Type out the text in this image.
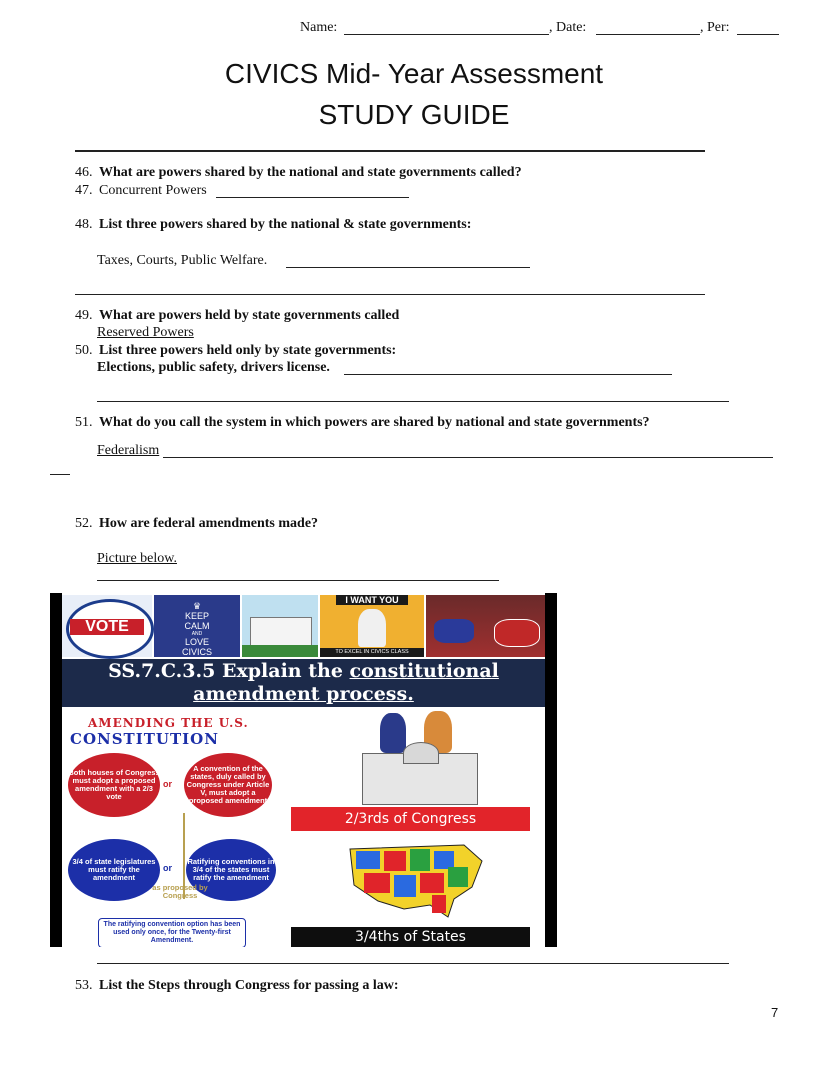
Name:	, Date:	, Per:
CIVICS Mid- Year Assessment
STUDY GUIDE
46. What are powers shared by the national and state governments called?
47. Concurrent Powers
48. List three powers shared by the national & state governments:
Taxes, Courts, Public Welfare.
49. What are powers held by state governments called
Reserved Powers
50. List three powers held only by state governments:
Elections, public safety, drivers license.
51. What do you call the system in which powers are shared by national and state governments?
Federalism
52. How are federal amendments made?
Picture below.
VOTE
♛
KEEP
CALM
AND
LOVE
CIVICS
I WANT YOU
TO EXCEL IN CIVICS CLASS
SS.7.C.3.5 Explain the constitutional
amendment process.
AMENDING THE U.S.
CONSTITUTION
Both houses of Congress must adopt a proposed amendment with a 2/3 vote
A convention of the states, duly called by Congress under Article V, must adopt a proposed amendment
or
3/4 of state legislatures must ratify the amendment
Ratifying conventions in 3/4 of the states must ratify the amendment
or
as proposed by Congress
The ratifying convention option has been used only once, for the Twenty-first Amendment.
2/3rds of Congress
3/4ths of States
53. List the Steps through Congress for passing a law:
7
